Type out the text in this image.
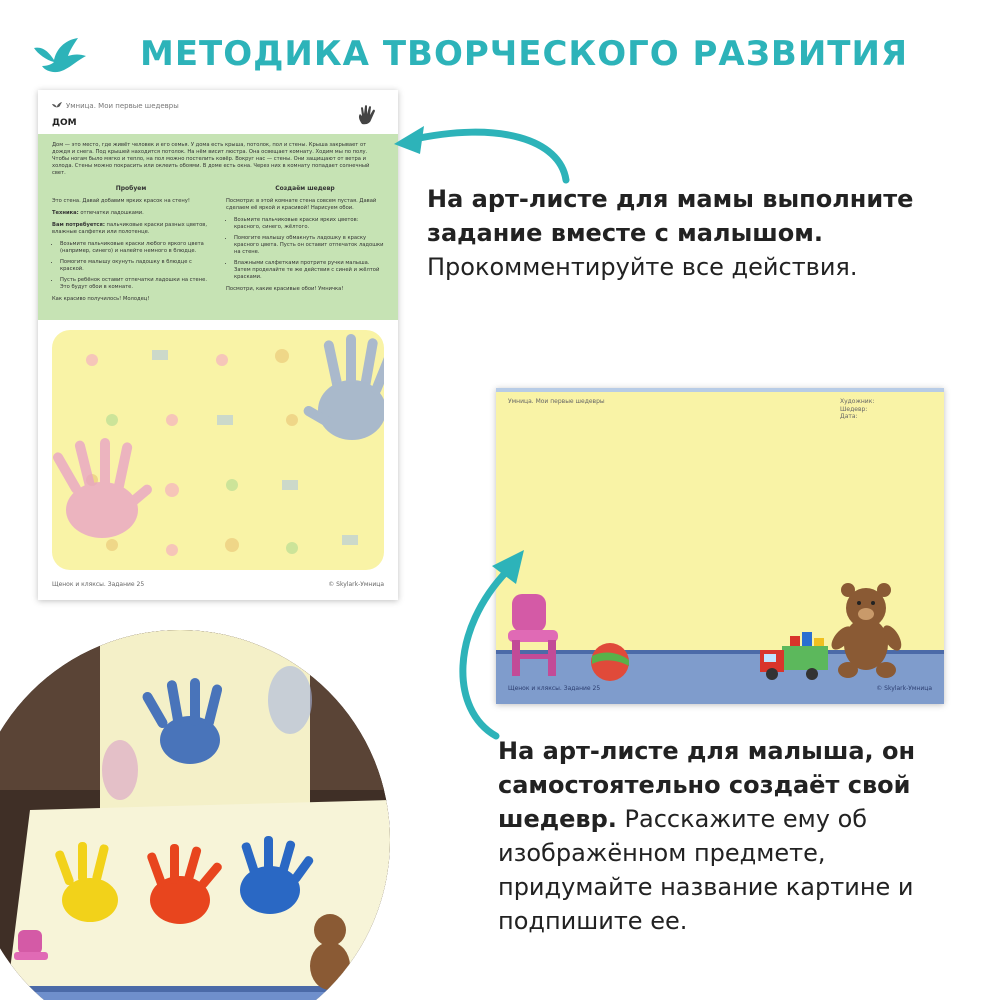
МЕТОДИКА ТВОРЧЕСКОГО РАЗВИТИЯ
Умница. Мои первые шедевры
ДОМ
Дом — это место, где живёт человек и его семья. У дома есть крыша, потолок, пол и стены. Крыша закрывает от дождя и снега. Под крышей находится потолок. На нём висит люстра. Она освещает комнату. Ходим мы по полу. Чтобы ногам было мягко и тепло, на пол можно постелить ковёр. Вокруг нас — стены. Они защищают от ветра и холода. Стены можно покрасить или оклеить обоями. В доме есть окна. Через них в комнату попадает солнечный свет.
Пробуем

Это стена. Давай добавим ярких красок на стену!

Техника: отпечатки ладошками.

Вам потребуется: пальчиковые краски разных цветов, влажные салфетки или полотенце.

• Возьмите пальчиковые краски любого яркого цвета (например, синего) и налейте немного в блюдце.
• Помогите малышу окунуть ладошку в блюдце с краской.
• Пусть ребёнок оставит отпечатки ладошки на стене. Это будут обои в комнате.

Как красиво получилось! Молодец!

Создаём шедевр

Посмотри: в этой комнате стена совсем пустая. Давай сделаем её яркой и красивой! Нарисуем обои.

• Возьмите пальчиковые краски ярких цветов: красного, синего, жёлтого.
• Помогите малышу обмакнуть ладошку в краску красного цвета. Пусть он оставит отпечаток ладошки на стене.
• Влажными салфетками протрите ручки малыша. Затем проделайте те же действия с синей и жёлтой красками.

Посмотри, какие красивые обои! Умничка!

Щенок и кляксы. Задание 25	© Skylark-Умница
На арт-листе для мамы выполните задание вместе с малышом. Прокомментируйте все действия.
Умница. Мои первые шедевры	Художник:
Шедевр:
Дата:
Щенок и кляксы. Задание 25	© Skylark-Умница
На арт-листе для малыша, он самостоятельно создаёт свой шедевр. Расскажите ему об изображённом предмете, придумайте название картине и подпишите ее.
